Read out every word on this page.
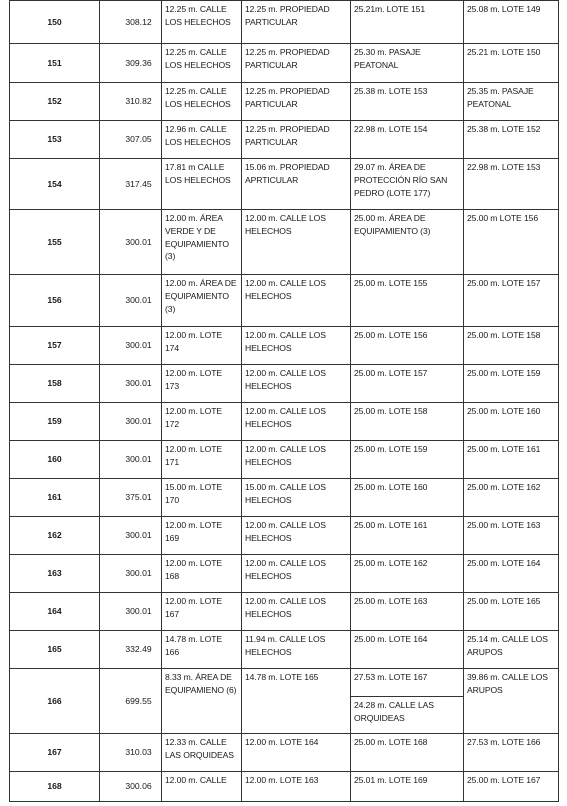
150	308.12	12.25 m. CALLE LOS HELECHOS	12.25 m. PROPIEDAD PARTICULAR	25.21m. LOTE 151	25.08 m. LOTE 149
151	309.36	12.25 m. CALLE LOS HELECHOS	12.25 m. PROPIEDAD PARTICULAR	25.30 m. PASAJE PEATONAL	25.21 m. LOTE 150
152	310.82	12.25 m. CALLE LOS HELECHOS	12.25 m. PROPIEDAD PARTICULAR	25.38 m. LOTE 153	25.35 m. PASAJE PEATONAL
153	307.05	12.96 m. CALLE LOS HELECHOS	12.25 m. PROPIEDAD PARTICULAR	22.98 m. LOTE 154	25.38 m. LOTE 152
154	317.45	17.81 m CALLE LOS HELECHOS	15.06 m. PROPIEDAD APRTICULAR	29.07 m. ÁREA DE PROTECCIÓN RÍO SAN PEDRO (LOTE 177)	22.98 m. LOTE 153
155	300.01	12.00 m. ÁREA VERDE Y DE EQUIPAMIENTO (3)	12.00 m. CALLE LOS HELECHOS	25.00 m. ÁREA DE EQUIPAMIENTO (3)	25.00 m LOTE 156
156	300.01	12.00 m. ÁREA DE EQUIPAMIENTO (3)	12.00 m. CALLE LOS HELECHOS	25.00 m. LOTE 155	25.00 m. LOTE 157
157	300.01	12.00 m. LOTE 174	12.00 m. CALLE LOS HELECHOS	25.00 m. LOTE 156	25.00 m. LOTE 158
158	300.01	12.00 m. LOTE 173	12.00 m. CALLE LOS HELECHOS	25.00 m. LOTE 157	25.00 m. LOTE 159
159	300.01	12.00 m. LOTE 172	12.00 m. CALLE LOS HELECHOS	25.00 m. LOTE 158	25.00 m. LOTE 160
160	300.01	12.00 m. LOTE 171	12.00 m. CALLE LOS HELECHOS	25.00 m. LOTE 159	25.00 m. LOTE 161
161	375.01	15.00 m. LOTE 170	15.00 m. CALLE LOS HELECHOS	25.00 m. LOTE 160	25.00 m. LOTE 162
162	300.01	12.00 m. LOTE 169	12.00 m. CALLE LOS HELECHOS	25.00 m. LOTE 161	25.00 m. LOTE 163
163	300.01	12.00 m. LOTE 168	12.00 m. CALLE LOS HELECHOS	25.00 m. LOTE 162	25.00 m. LOTE 164
164	300.01	12.00 m. LOTE 167	12.00 m. CALLE LOS HELECHOS	25.00 m. LOTE 163	25.00 m. LOTE 165
165	332.49	14.78 m. LOTE 166	11.94 m. CALLE LOS HELECHOS	25.00 m. LOTE 164	25.14 m. CALLE LOS ARUPOS
166	699.55	8.33 m. ÁREA DE EQUIPAMIENO (6)	14.78 m. LOTE 165	27.53 m. LOTE 167	39.86 m. CALLE LOS ARUPOS
				24.28 m. CALLE LAS ORQUIDEAS	
167	310.03	12.33 m. CALLE LAS ORQUIDEAS	12.00 m. LOTE 164	25.00 m. LOTE 168	27.53 m. LOTE 166
168	300.06	12.00 m. CALLE	12.00 m. LOTE 163	25.01 m. LOTE 169	25.00 m. LOTE 167
